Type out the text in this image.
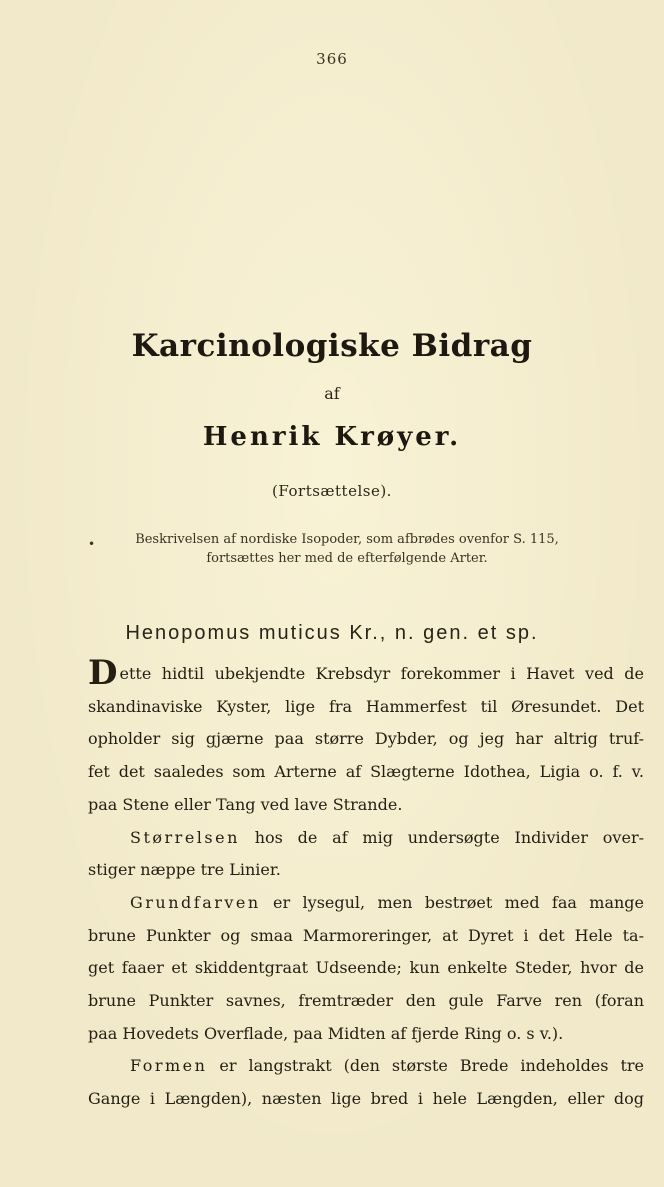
366
Karcinologiske Bidrag
af
Henrik Krøyer.
(Fortsættelse).
•	Beskrivelsen af nordiske Isopoder, som afbrødes ovenfor S. 115,
fortsættes her med de efterfølgende Arter.
Henopomus muticus Kr., n. gen. et sp.
Dette hidtil ubekjendte Krebsdyr forekommer i Havet ved de
skandinaviske Kyster, lige fra Hammerfest til Øresundet. Det
opholder sig gjærne paa større Dybder, og jeg har altrig truf-
fet det saaledes som Arterne af Slægterne Idothea, Ligia o. f. v.
paa Stene eller Tang ved lave Strande.
Størrelsen hos de af mig undersøgte Individer over-
stiger næppe tre Linier.
Grundfarven er lysegul, men bestrøet med faa mange
brune Punkter og smaa Marmoreringer, at Dyret i det Hele ta-
get faaer et skiddentgraat Udseende; kun enkelte Steder, hvor de
brune Punkter savnes, fremtræder den gule Farve ren (foran
paa Hovedets Overflade, paa Midten af fjerde Ring o. s v.).
Formen er langstrakt (den største Brede indeholdes tre
Gange i Længden), næsten lige bred i hele Længden, eller dog
